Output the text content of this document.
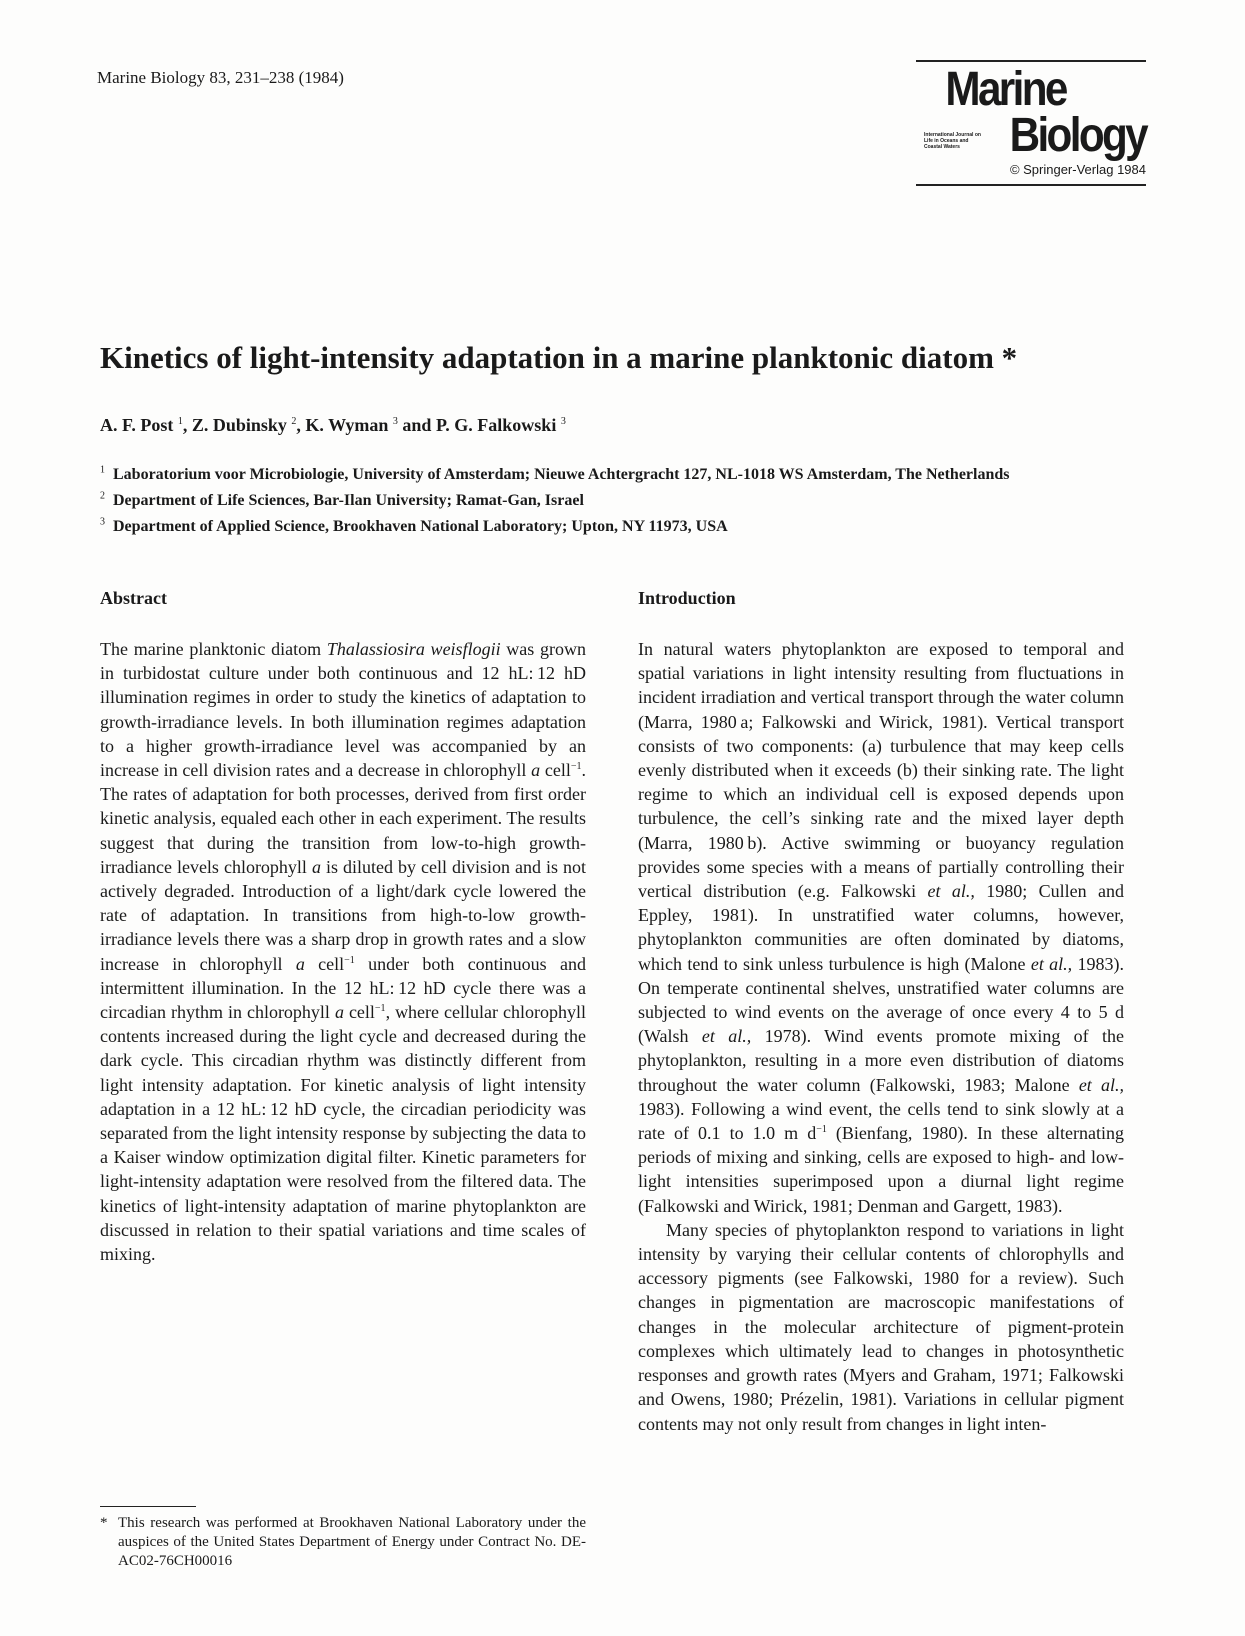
Marine Biology 83, 231–238 (1984)	Marine
International Journal on Life in Oceans and Coastal Waters	Biology
© Springer-Verlag 1984
Kinetics of light-intensity adaptation in a marine planktonic diatom *
A. F. Post $^1$, Z. Dubinsky $^2$, K. Wyman $^3$ and P. G. Falkowski $^3$
$^1$ Laboratorium voor Microbiologie, University of Amsterdam; Nieuwe Achtergracht 127, NL-1018 WS Amsterdam, The Netherlands
$^2$ Department of Life Sciences, Bar-Ilan University; Ramat-Gan, Israel
$^3$ Department of Applied Science, Brookhaven National Laboratory; Upton, NY 11973, USA
Abstract

The marine planktonic diatom Thalassiosira weisflogii was grown in turbidostat culture under both continuous and 12 hL: 12 hD illumination regimes in order to study the kinetics of adaptation to growth-irradiance levels. In both illumination regimes adaptation to a higher growth-irradiance level was accompanied by an increase in cell division rates and a decrease in chlorophyll a cell$^{-1}$. The rates of adaptation for both processes, derived from first order kinetic analysis, equaled each other in each experiment. The results suggest that during the transition from low-to-high growth-irradiance levels chlorophyll a is diluted by cell division and is not actively degraded. Introduction of a light/dark cycle lowered the rate of adaptation. In transitions from high-to-low growth-irradiance levels there was a sharp drop in growth rates and a slow increase in chlorophyll a cell$^{-1}$ under both continuous and intermittent illumination. In the 12 hL: 12 hD cycle there was a circadian rhythm in chlorophyll a cell$^{-1}$, where cellular chlorophyll contents increased during the light cycle and decreased during the dark cycle. This circadian rhythm was distinctly different from light intensity adaptation. For kinetic analysis of light intensity adaptation in a 12 hL: 12 hD cycle, the circadian periodicity was separated from the light intensity response by subjecting the data to a Kaiser window optimization digital filter. Kinetic parameters for light-intensity adaptation were resolved from the filtered data. The kinetics of light-intensity adaptation of marine phytoplankton are discussed in relation to their spatial variations and time scales of mixing.

Introduction

In natural waters phytoplankton are exposed to temporal and spatial variations in light intensity resulting from fluctuations in incident irradiation and vertical transport through the water column (Marra, 1980 a; Falkowski and Wirick, 1981). Vertical transport consists of two components: (a) turbulence that may keep cells evenly distributed when it exceeds (b) their sinking rate. The light regime to which an individual cell is exposed depends upon turbulence, the cell’s sinking rate and the mixed layer depth (Marra, 1980 b). Active swimming or buoyancy regulation provides some species with a means of partially controlling their vertical distribution (e.g. Falkowski et al., 1980; Cullen and Eppley, 1981). In unstratified water columns, however, phytoplankton communities are often dominated by diatoms, which tend to sink unless turbulence is high (Malone et al., 1983). On temperate continental shelves, unstratified water columns are subjected to wind events on the average of once every 4 to 5 d (Walsh et al., 1978). Wind events promote mixing of the phytoplankton, resulting in a more even distribution of diatoms throughout the water column (Falkowski, 1983; Malone et al., 1983). Following a wind event, the cells tend to sink slowly at a rate of 0.1 to 1.0 m $d^{-1}$ (Bienfang, 1980). In these alternating periods of mixing and sinking, cells are exposed to high- and low-light intensities superimposed upon a diurnal light regime (Falkowski and Wirick, 1981; Denman and Gargett, 1983).

Many species of phytoplankton respond to variations in light intensity by varying their cellular contents of chlorophylls and accessory pigments (see Falkowski, 1980 for a review). Such changes in pigmentation are macroscopic manifestations of changes in the molecular architecture of pigment-protein complexes which ultimately lead to changes in photosynthetic responses and growth rates (Myers and Graham, 1971; Falkowski and Owens, 1980; Prézelin, 1981). Variations in cellular pigment contents may not only result from changes in light inten-

* This research was performed at Brookhaven National Laboratory under the auspices of the United States Department of Energy under Contract No. DE-AC02-76CH00016
